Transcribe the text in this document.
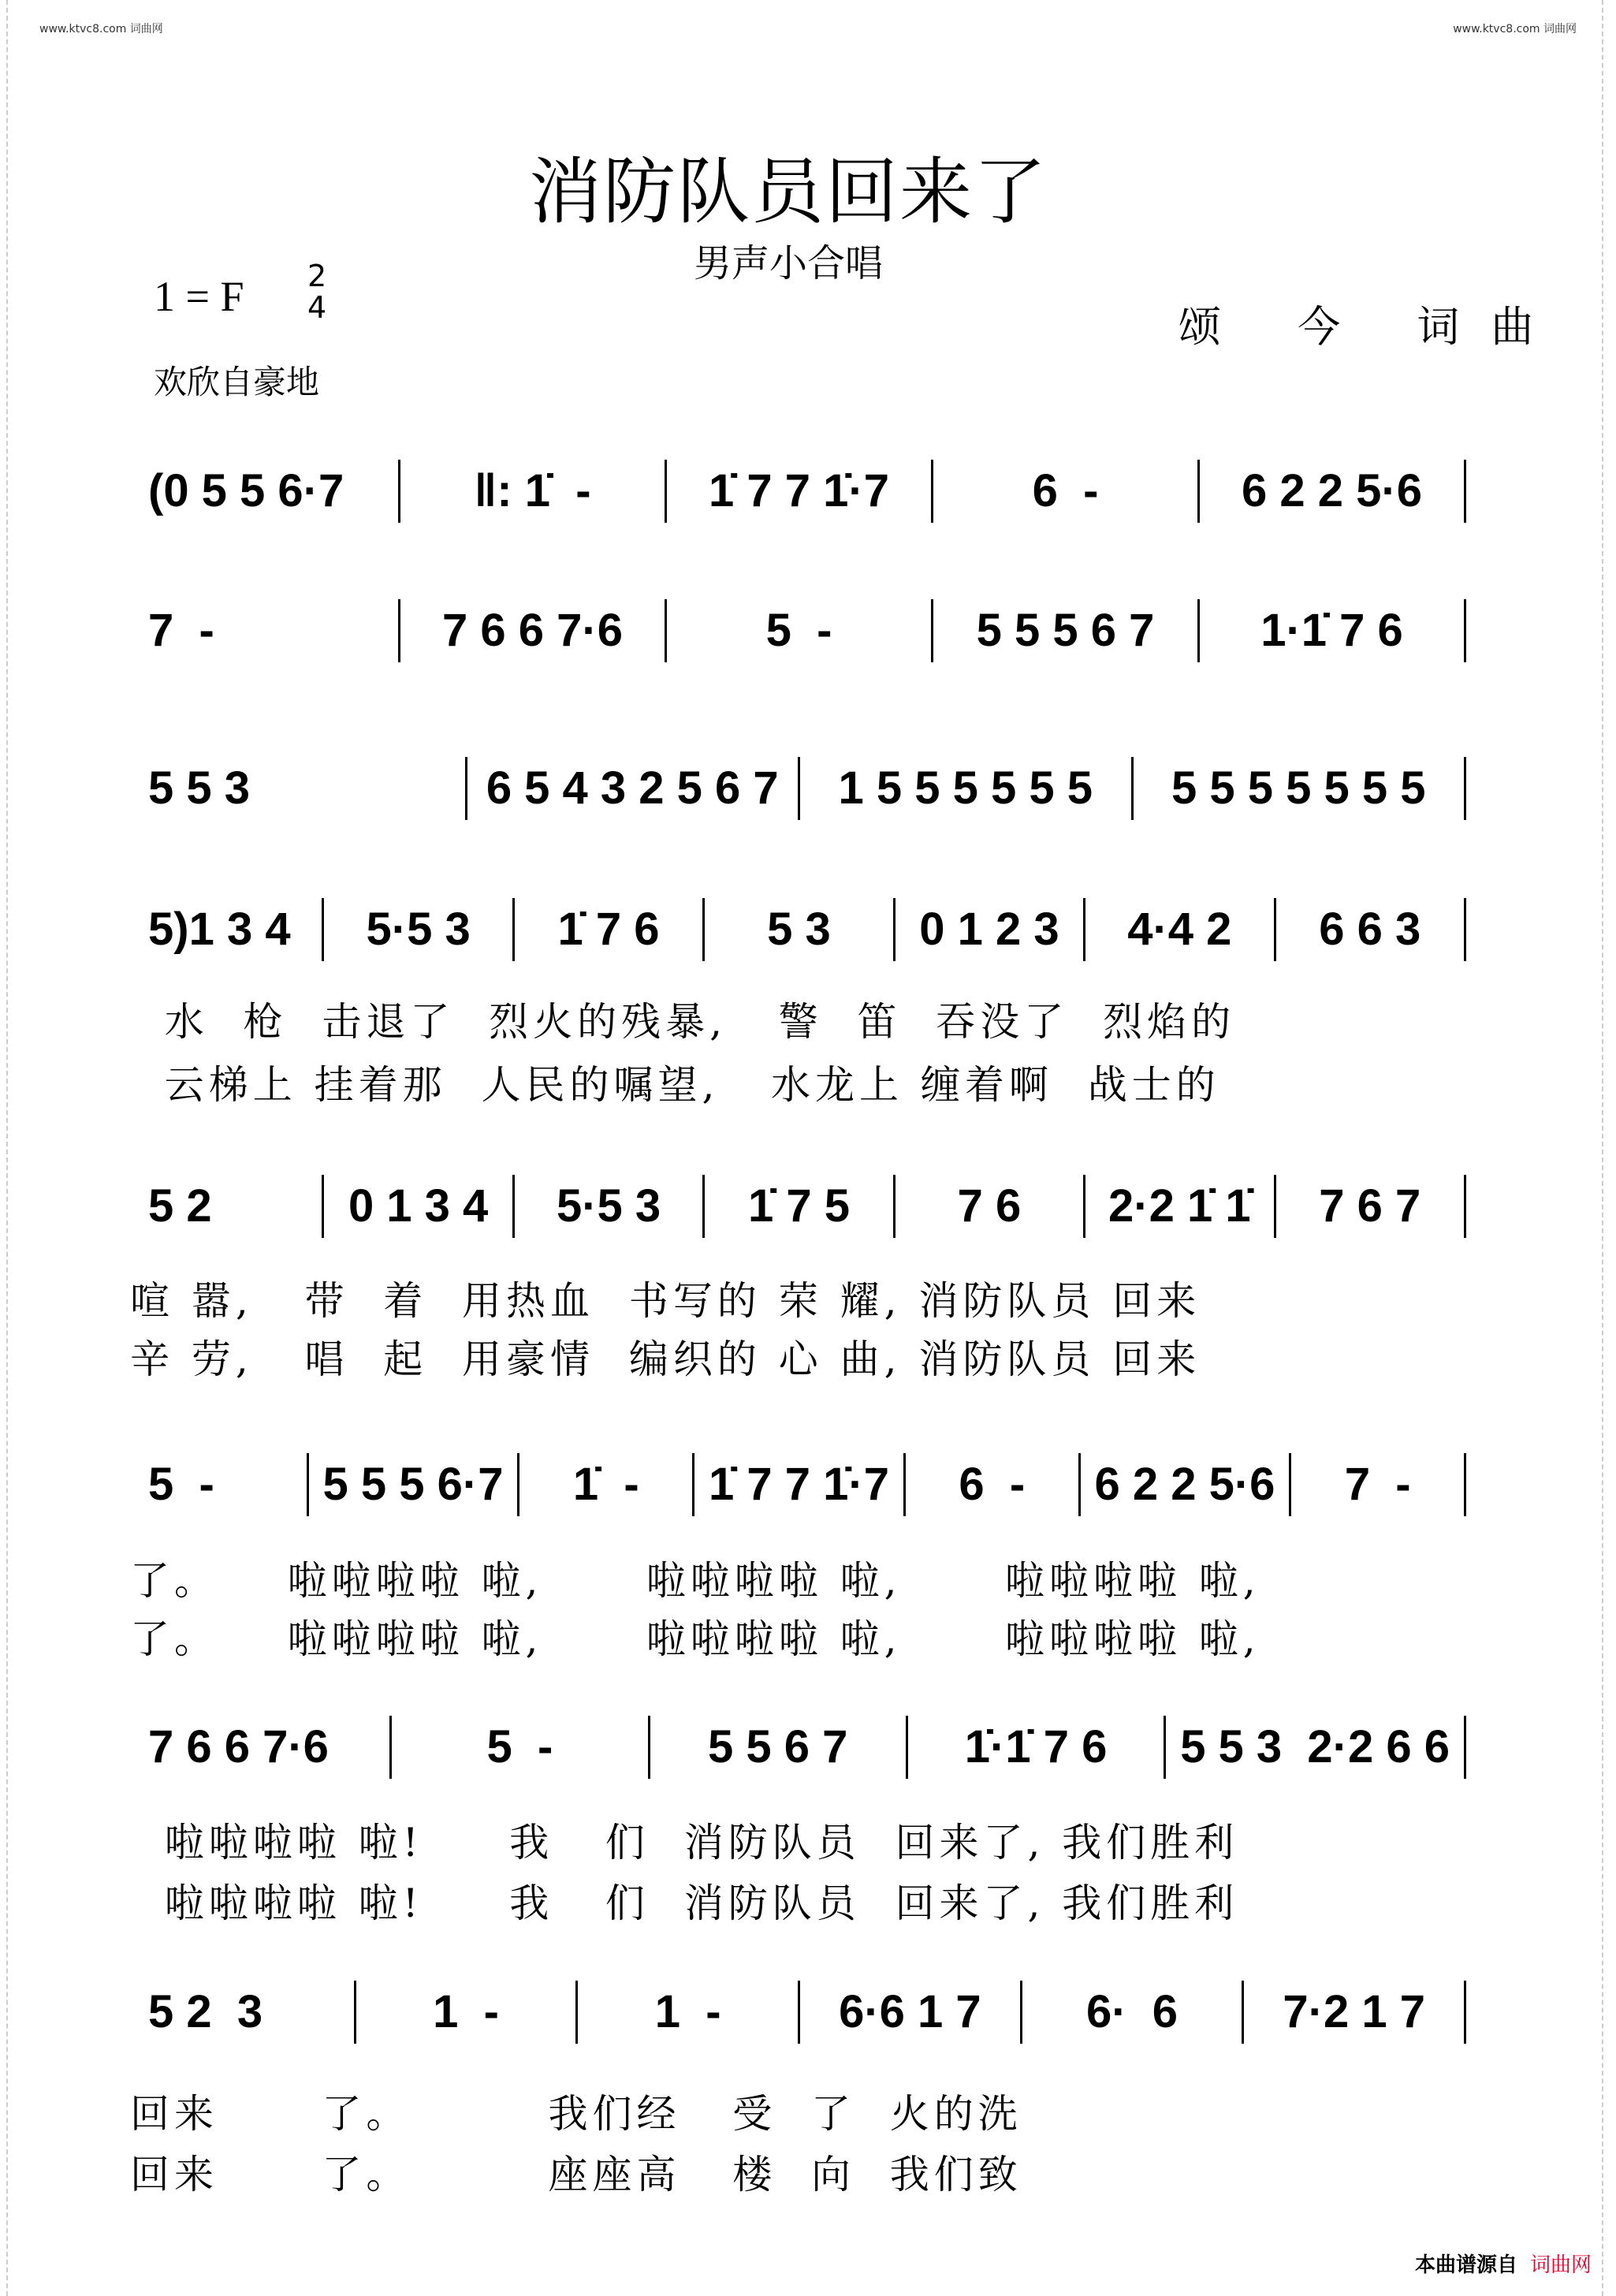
www.ktvc8.com 词曲网	www.ktvc8.com 词曲网
消防队员回来了
男声小合唱
1 = F 2
4	颂 今 词曲
欢欣自豪地
(0 5 5 6·7	‖: 1̇  -	1̇ 7 7 1̇·7	6  -	6 2 2 5·6
7  -	7 6 6 7·6	5  -	5 5 5 6 7	1·1̇ 7 6
5 5 3	6 5 4 3 2 5 6 7	1 5 5 5 5 5 5	5 5 5 5 5 5 5
5)1 3 4	5·5 3	1̇ 7 6	5 3	0 1 2 3	4·4 2	6 6 3
水  枪  击退了  烈火的残暴,   警  笛  吞没了  烈焰的
云梯上 挂着那  人民的嘱望,   水龙上 缠着啊  战士的
5 2	0 1 3 4	5·5 3	1̇ 7 5	7 6	2·2 1̇ 1̇	7 6 7
喧 嚣,   带  着  用热血  书写的 荣 耀, 消防队员 回来
辛 劳,   唱  起  用豪情  编织的 心 曲, 消防队员 回来
5  -	5 5 5 6·7	1̇  -	1̇ 7 7 1̇·7	6  -	6 2 2 5·6	7  -
了。    啦啦啦啦 啦,      啦啦啦啦 啦,      啦啦啦啦 啦,
了。    啦啦啦啦 啦,      啦啦啦啦 啦,      啦啦啦啦 啦,
7 6 6 7·6	5  -	5 5 6 7	1̇·1̇ 7 6	5 5 3  2·2 6 6
啦啦啦啦 啦!     我   们  消防队员  回来了, 我们胜利
啦啦啦啦 啦!     我   们  消防队员  回来了, 我们胜利
5 2  3	1  -	1  -	6·6 1 7	6·  6	7·2 1 7
回来      了。        我们经   受  了  火的洗
回来      了。        座座高   楼  向  我们致
本曲谱源自 词曲网
